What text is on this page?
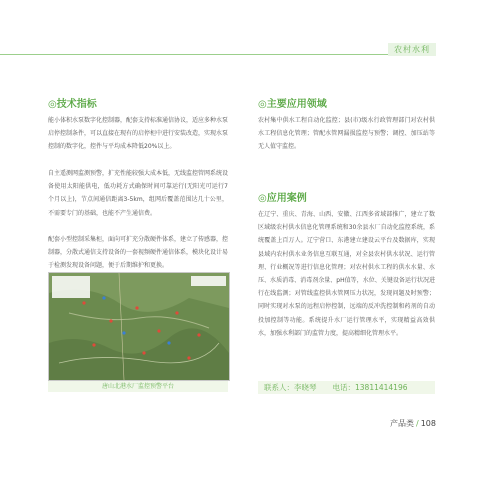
农村水利
◎技术指标

能小体积水泵数字化控制器，配套支持标准通信协议，适应多种水泵启停控制条件，可以直接在现有的启停柜中进行安装改造，实现水泵控制的数字化，控件与平均成本降低20%以上。

自主遥测网监测预警，扩充性能较强大成本低，无线监控管网系统设备使用太阳能供电，低功耗方式确保时间可靠运行(无阳光可运行7个月以上)，节点间通信距离3-5km，组网后覆盖范围达几十公里，不需要专门的基础，也能不产生通信费。

配套小型控制采集柜，面向可扩充分散硬件体系，建立了传感器，控制器，分散式通信支持设备的一套视频硬件通信体系，模块化设计易于检测发现设备问题，便于后期维护和更换。

唐山北港水厂监控预警平台
◎主要应用领域

农村集中供水工程自动化监控；县(市)级水行政管理部门对农村供水工程信息化管理；管配水管网漏损监控与预警；调控、加压站等无人值守监控。

◎应用案例

在辽宁、重庆、青海、山西、安徽、江西多省域部推广，建立了数区域级农村供水信息化管理系统和30余县水厂自动化监控系统，系统覆盖上百万人。辽宁营口、东港建立建设云平台及数据库，实现县域内农村供水业务信息互联互通，对全县农村供水状况、运行管理、行业概况等进行信息化管理；对农村供水工程的供水水量、水压、水质消毒、消毒剂余量、pH值等，水位、关键设备运行状况进行在线监测；对管线监控供水管网压力状况，发现问题及时预警；同时实现对水泵的远程启停控制，远端的反冲洗控制和药剂的自动投加控制等功能。系统提升水厂运行管理水平，实现精益高效供水，加强水利部门的监管力度，提高精细化管理水平。

联系人：李晓琴 电话：13811414196
产品类 / 108
